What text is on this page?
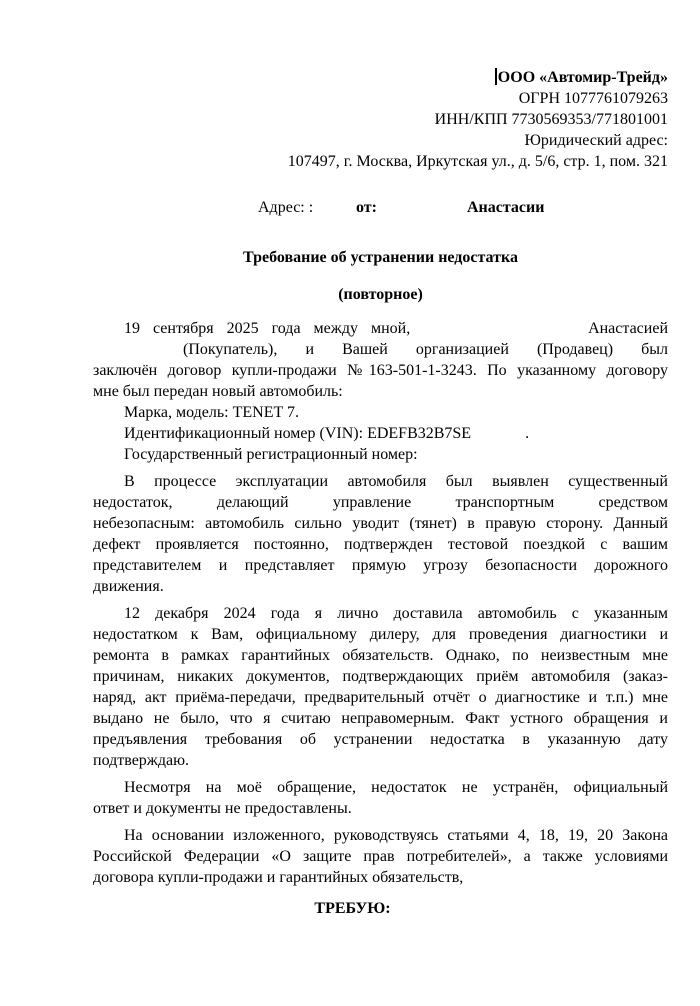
ООО «Автомир-Трейд»
ОГРН 1077761079263
ИНН/КПП 7730569353/771801001
Юридический адрес:
107497, г. Москва, Иркутская ул., д. 5/6, стр. 1, пом. 321

от:	Анастасии

Адрес: :
Требование об устранении недостатка
(повторное)
19 сентября 2025 года между мной,	Анастасией
(Покупатель), и Вашей организацией (Продавец) был
заключён договор купли-продажи №163-501-1-3243. По указанному договору
мне был передан новый автомобиль:
Марка, модель: TENET 7.
Идентификационный номер (VIN): EDEFB32B7SE	.
Государственный регистрационный номер:
В процессе эксплуатации автомобиля был выявлен существенный
недостаток, делающий управление транспортным средством
небезопасным: автомобиль сильно уводит (тянет) в правую сторону. Данный
дефект проявляется постоянно, подтвержден тестовой поездкой с вашим
представителем и представляет прямую угрозу безопасности дорожного
движения.
12 декабря 2024 года я лично доставила автомобиль с указанным
недостатком к Вам, официальному дилеру, для проведения диагностики и
ремонта в рамках гарантийных обязательств. Однако, по неизвестным мне
причинам, никаких документов, подтверждающих приём автомобиля (заказ-
наряд, акт приёма-передачи, предварительный отчёт о диагностике и т.п.) мне
выдано не было, что я считаю неправомерным. Факт устного обращения и
предъявления требования об устранении недостатка в указанную дату
подтверждаю.
Несмотря на моё обращение, недостаток не устранён, официальный
ответ и документы не предоставлены.
На основании изложенного, руководствуясь статьями 4, 18, 19, 20 Закона
Российской Федерации «О защите прав потребителей», а также условиями
договора купли-продажи и гарантийных обязательств,
ТРЕБУЮ:
